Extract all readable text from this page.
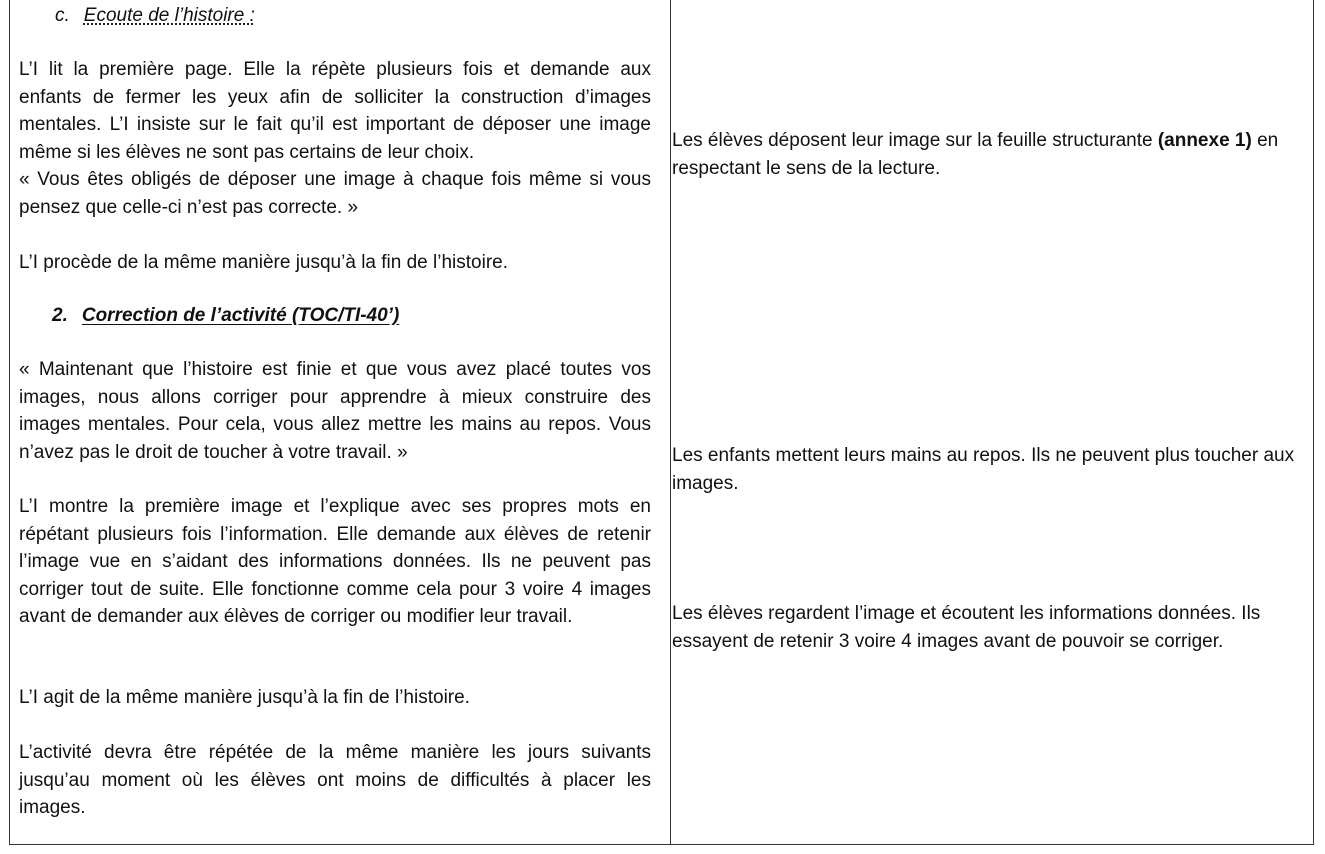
c. Ecoute de l’histoire :

L’I lit la première page. Elle la répète plusieurs fois et demande aux enfants de fermer les yeux afin de solliciter la construction d’images mentales. L’I insiste sur le fait qu’il est important de déposer une image même si les élèves ne sont pas certains de leur choix.

« Vous êtes obligés de déposer une image à chaque fois même si vous pensez que celle-ci n’est pas correcte. »

L’I procède de la même manière jusqu’à la fin de l’histoire.

2. Correction de l’activité (TOC/TI-40’)

« Maintenant que l’histoire est finie et que vous avez placé toutes vos images, nous allons corriger pour apprendre à mieux construire des images mentales. Pour cela, vous allez mettre les mains au repos. Vous n’avez pas le droit de toucher à votre travail. »

L’I montre la première image et l’explique avec ses propres mots en répétant plusieurs fois l’information. Elle demande aux élèves de retenir l’image vue en s’aidant des informations données. Ils ne peuvent pas corriger tout de suite. Elle fonctionne comme cela pour 3 voire 4 images avant de demander aux élèves de corriger ou modifier leur travail.

L’I agit de la même manière jusqu’à la fin de l’histoire.

L’activité devra être répétée de la même manière les jours suivants jusqu’au moment où les élèves ont moins de difficultés à placer les images.

Les élèves déposent leur image sur la feuille structurante (annexe 1) en respectant le sens de la lecture.

Les enfants mettent leurs mains au repos. Ils ne peuvent plus toucher aux images.

Les élèves regardent l’image et écoutent les informations données. Ils essayent de retenir 3 voire 4 images avant de pouvoir se corriger.
